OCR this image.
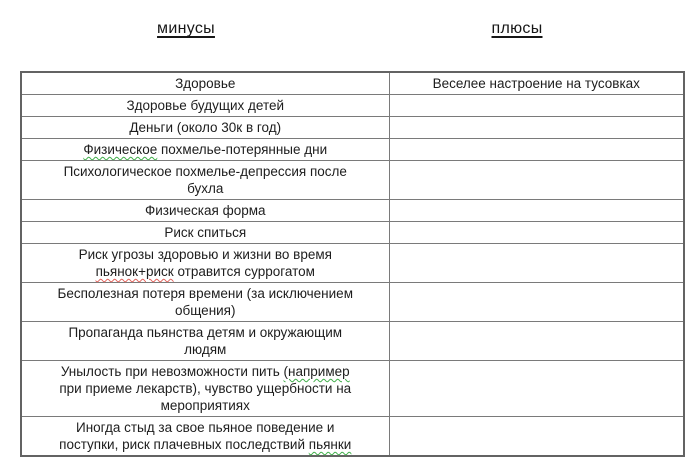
минусы	плюсы
Здоровье	Веселее настроение на тусовках
Здоровье будущих детей	
Деньги (около 30к в год)	
Физическое похмелье-потерянные дни	
Психологическое похмелье-депрессия после бухла	
Физическая форма	
Риск спиться	
Риск угрозы здоровью и жизни во время пьянок+риск отравится суррогатом	
Бесполезная потеря времени (за исключением общения)	
Пропаганда пьянства детям и окружающим людям	
Унылость при невозможности пить (например при приеме лекарств), чувство ущербности на мероприятиях	
Иногда стыд за свое пьяное поведение и поступки, риск плачевных последствий пьянки	
